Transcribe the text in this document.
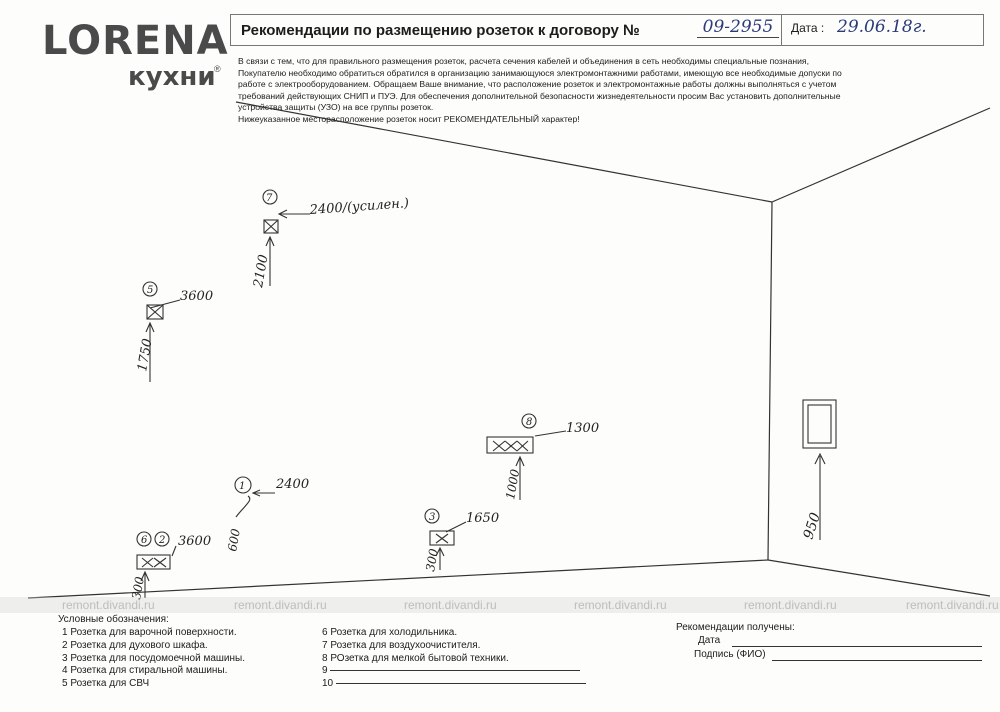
LORENA
кухни
®
Рекомендации по размещению розеток к договору №	09-2955	Дата : 29.06.18г.

В связи с тем, что для правильного размещения розеток, расчета сечения кабелей и объединения в сеть необходимы специальные познания,

Покупателю необходимо обратиться обратился в организацию занимающуюся электромонтажними работами, имеющую все необходимые допуски по

работе с электрооборудованием. Обращаем Ваше внимание, что расположение розеток и электромонтажные работы должны выполняться с учетом

требований действующих СНИП и ПУЭ. Для обеспечения дополнительной безопасности жизнедеятельности просим Вас установить дополнительные

устройства защиты (УЗО) на все группы розеток.

Нижеуказанное месторасположение розеток носит РЕКОМЕНДАТЕЛЬНЫЙ характер!

950
7	2400/(усилен.)
2100
5 3600
1750
8	1300
1000
1 2400
600
3 1650
300
6 2 3600
300
remont.divandi.ru	remont.divandi.ru	remont.divandi.ru	remont.divandi.ru	remont.divandi.ru	remont.divandi.ru
Условные обозначения:
1 Розетка для варочной поверхности.
2 Розетка для духового шкафа.
3 Розетка для посудомоечной машины.
4 Розетка для стиральной машины.
5 Розетка для СВЧ
6 Розетка для холодильника.
7 Розетка для воздухоочистителя.
8 РОзетка для мелкой бытовой техники.
9
10
Рекомендации получены:
Дата
Подпись (ФИО)
